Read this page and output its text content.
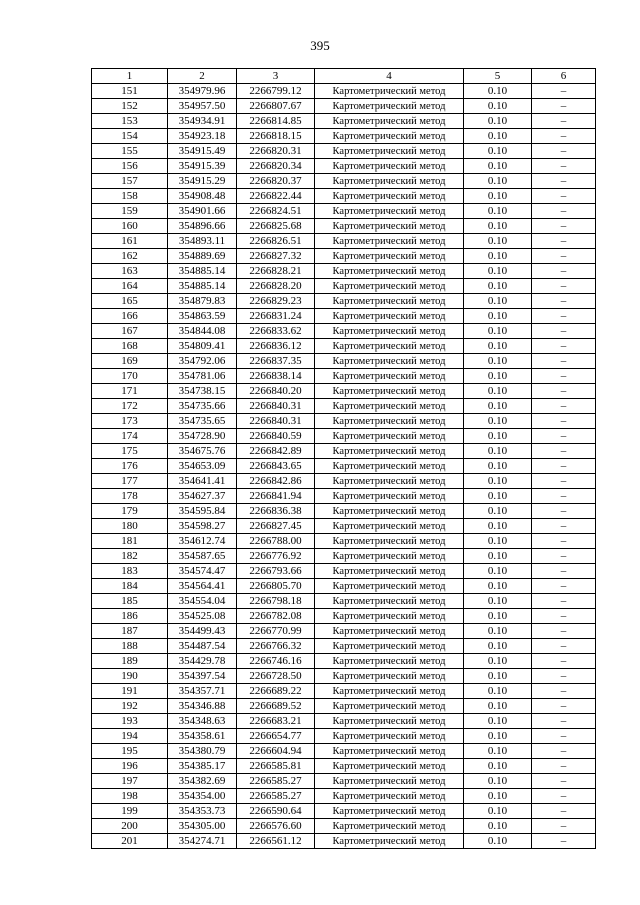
395
1	2	3	4	5	6
151	354979.96	2266799.12	Картометрический метод	0.10	–
152	354957.50	2266807.67	Картометрический метод	0.10	–
153	354934.91	2266814.85	Картометрический метод	0.10	–
154	354923.18	2266818.15	Картометрический метод	0.10	–
155	354915.49	2266820.31	Картометрический метод	0.10	–
156	354915.39	2266820.34	Картометрический метод	0.10	–
157	354915.29	2266820.37	Картометрический метод	0.10	–
158	354908.48	2266822.44	Картометрический метод	0.10	–
159	354901.66	2266824.51	Картометрический метод	0.10	–
160	354896.66	2266825.68	Картометрический метод	0.10	–
161	354893.11	2266826.51	Картометрический метод	0.10	–
162	354889.69	2266827.32	Картометрический метод	0.10	–
163	354885.14	2266828.21	Картометрический метод	0.10	–
164	354885.14	2266828.20	Картометрический метод	0.10	–
165	354879.83	2266829.23	Картометрический метод	0.10	–
166	354863.59	2266831.24	Картометрический метод	0.10	–
167	354844.08	2266833.62	Картометрический метод	0.10	–
168	354809.41	2266836.12	Картометрический метод	0.10	–
169	354792.06	2266837.35	Картометрический метод	0.10	–
170	354781.06	2266838.14	Картометрический метод	0.10	–
171	354738.15	2266840.20	Картометрический метод	0.10	–
172	354735.66	2266840.31	Картометрический метод	0.10	–
173	354735.65	2266840.31	Картометрический метод	0.10	–
174	354728.90	2266840.59	Картометрический метод	0.10	–
175	354675.76	2266842.89	Картометрический метод	0.10	–
176	354653.09	2266843.65	Картометрический метод	0.10	–
177	354641.41	2266842.86	Картометрический метод	0.10	–
178	354627.37	2266841.94	Картометрический метод	0.10	–
179	354595.84	2266836.38	Картометрический метод	0.10	–
180	354598.27	2266827.45	Картометрический метод	0.10	–
181	354612.74	2266788.00	Картометрический метод	0.10	–
182	354587.65	2266776.92	Картометрический метод	0.10	–
183	354574.47	2266793.66	Картометрический метод	0.10	–
184	354564.41	2266805.70	Картометрический метод	0.10	–
185	354554.04	2266798.18	Картометрический метод	0.10	–
186	354525.08	2266782.08	Картометрический метод	0.10	–
187	354499.43	2266770.99	Картометрический метод	0.10	–
188	354487.54	2266766.32	Картометрический метод	0.10	–
189	354429.78	2266746.16	Картометрический метод	0.10	–
190	354397.54	2266728.50	Картометрический метод	0.10	–
191	354357.71	2266689.22	Картометрический метод	0.10	–
192	354346.88	2266689.52	Картометрический метод	0.10	–
193	354348.63	2266683.21	Картометрический метод	0.10	–
194	354358.61	2266654.77	Картометрический метод	0.10	–
195	354380.79	2266604.94	Картометрический метод	0.10	–
196	354385.17	2266585.81	Картометрический метод	0.10	–
197	354382.69	2266585.27	Картометрический метод	0.10	–
198	354354.00	2266585.27	Картометрический метод	0.10	–
199	354353.73	2266590.64	Картометрический метод	0.10	–
200	354305.00	2266576.60	Картометрический метод	0.10	–
201	354274.71	2266561.12	Картометрический метод	0.10	–
